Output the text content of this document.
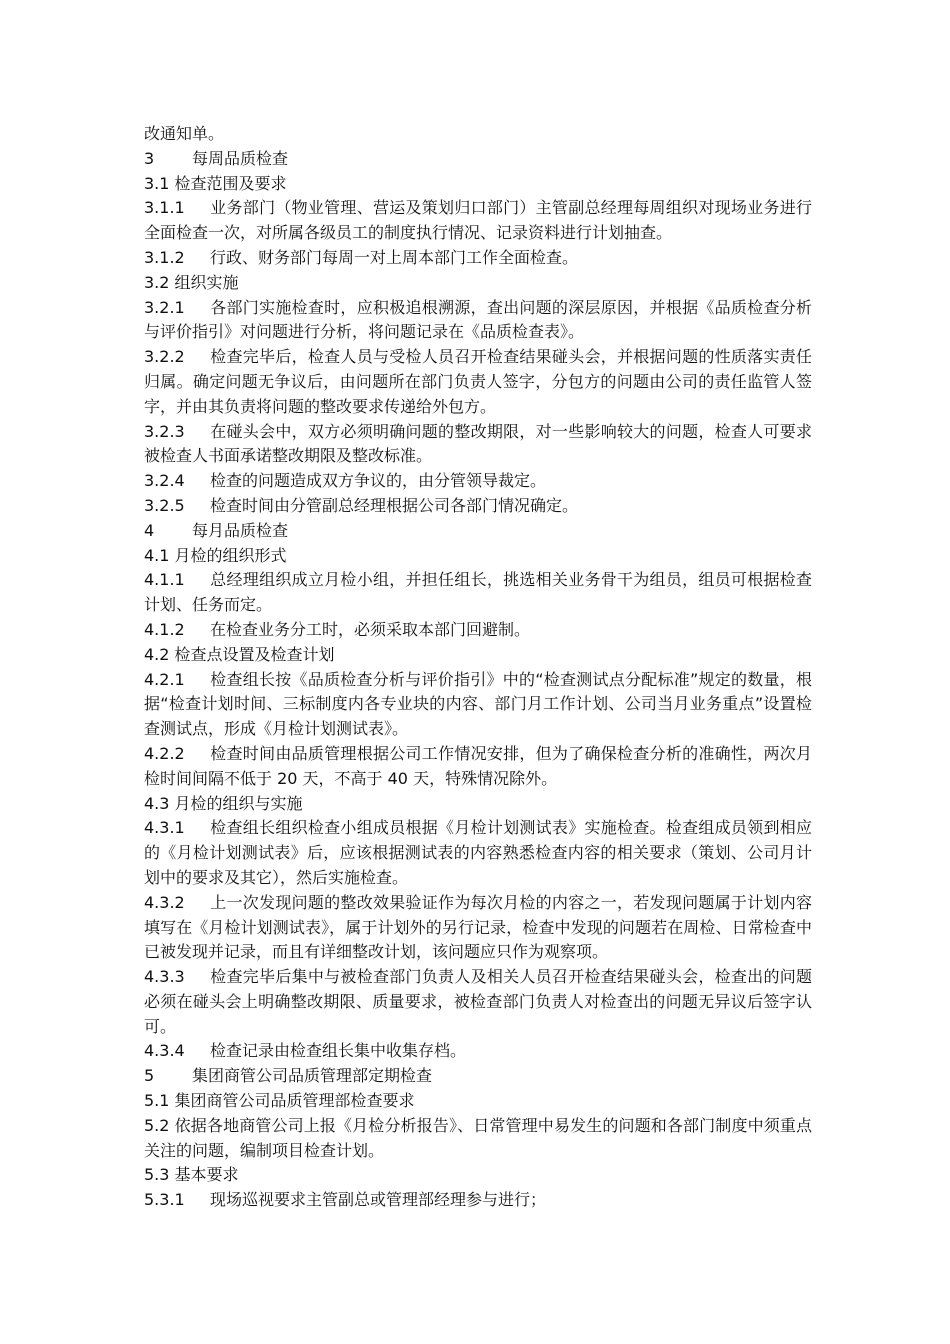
改通知单。
3 每周品质检查
3.1 检查范围及要求
3.1.1 业务部门（物业管理、营运及策划归口部门）主管副总经理每周组织对现场业务进行全面检查一次，对所属各级员工的制度执行情况、记录资料进行计划抽查。
3.1.2 行政、财务部门每周一对上周本部门工作全面检查。
3.2 组织实施
3.2.1 各部门实施检查时，应积极追根溯源，查出问题的深层原因，并根据《品质检查分析与评价指引》对问题进行分析，将问题记录在《品质检查表》。
3.2.2 检查完毕后，检查人员与受检人员召开检查结果碰头会，并根据问题的性质落实责任归属。确定问题无争议后，由问题所在部门负责人签字，分包方的问题由公司的责任监管人签字，并由其负责将问题的整改要求传递给外包方。
3.2.3 在碰头会中，双方必须明确问题的整改期限，对一些影响较大的问题，检查人可要求被检查人书面承诺整改期限及整改标准。
3.2.4 检查的问题造成双方争议的，由分管领导裁定。
3.2.5 检查时间由分管副总经理根据公司各部门情况确定。
4 每月品质检查
4.1 月检的组织形式
4.1.1 总经理组织成立月检小组，并担任组长，挑选相关业务骨干为组员，组员可根据检查计划、任务而定。
4.1.2 在检查业务分工时，必须采取本部门回避制。
4.2 检查点设置及检查计划
4.2.1 检查组长按《品质检查分析与评价指引》中的“检查测试点分配标准”规定的数量，根据“检查计划时间、三标制度内各专业块的内容、部门月工作计划、公司当月业务重点”设置检查测试点，形成《月检计划测试表》。
4.2.2 检查时间由品质管理根据公司工作情况安排，但为了确保检查分析的准确性，两次月检时间间隔不低于 20 天，不高于 40 天，特殊情况除外。
4.3 月检的组织与实施
4.3.1 检查组长组织检查小组成员根据《月检计划测试表》实施检查。检查组成员领到相应的《月检计划测试表》后，应该根据测试表的内容熟悉检查内容的相关要求（策划、公司月计划中的要求及其它），然后实施检查。
4.3.2 上一次发现问题的整改效果验证作为每次月检的内容之一，若发现问题属于计划内容填写在《月检计划测试表》，属于计划外的另行记录，检查中发现的问题若在周检、日常检查中已被发现并记录，而且有详细整改计划，该问题应只作为观察项。
4.3.3 检查完毕后集中与被检查部门负责人及相关人员召开检查结果碰头会，检查出的问题必须在碰头会上明确整改期限、质量要求，被检查部门负责人对检查出的问题无异议后签字认可。
4.3.4 检查记录由检查组长集中收集存档。
5 集团商管公司品质管理部定期检查
5.1 集团商管公司品质管理部检查要求
5.2 依据各地商管公司上报《月检分析报告》、日常管理中易发生的问题和各部门制度中须重点关注的问题，编制项目检查计划。
5.3 基本要求
5.3.1 现场巡视要求主管副总或管理部经理参与进行；
